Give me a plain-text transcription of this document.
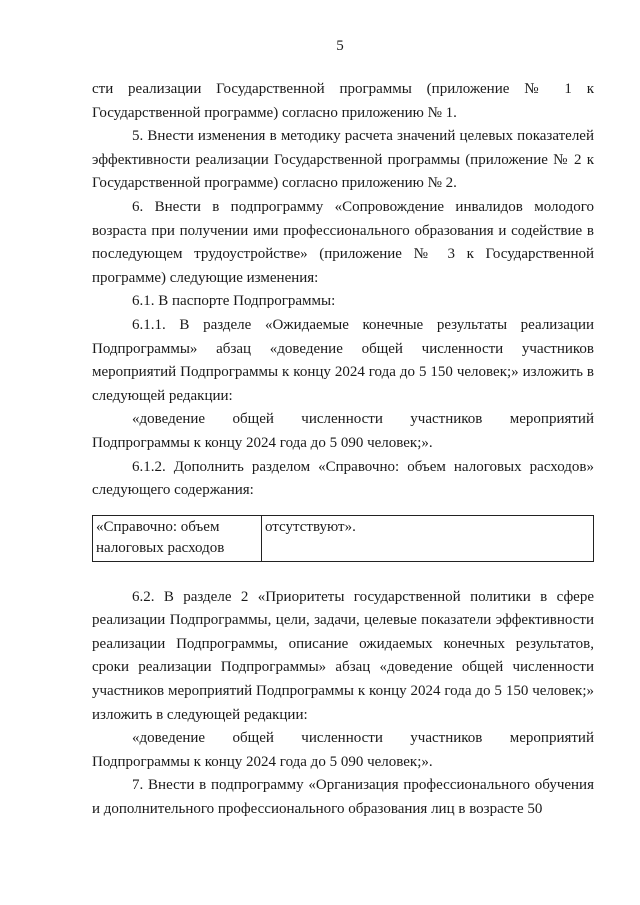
5

сти реализации Государственной программы (приложение № 1 к Государственной программе) согласно приложению № 1.

5. Внести изменения в методику расчета значений целевых показателей эффективности реализации Государственной программы (приложение № 2 к Государственной программе) согласно приложению № 2.

6. Внести в подпрограмму «Сопровождение инвалидов молодого возраста при получении ими профессионального образования и содействие в последующем трудоустройстве» (приложение № 3 к Государственной программе) следующие изменения:

6.1. В паспорте Подпрограммы:

6.1.1. В разделе «Ожидаемые конечные результаты реализации Подпрограммы» абзац «доведение общей численности участников мероприятий Подпрограммы к концу 2024 года до 5 150 человек;» изложить в следующей редакции:

«доведение общей численности участников мероприятий Подпрограммы к концу 2024 года до 5 090 человек;».

6.1.2. Дополнить разделом «Справочно: объем налоговых расходов» следующего содержания:

«Справочно: объем налоговых расходов	отсутствуют».

6.2. В разделе 2 «Приоритеты государственной политики в сфере реализации Подпрограммы, цели, задачи, целевые показатели эффективности реализации Подпрограммы, описание ожидаемых конечных результатов, сроки реализации Подпрограммы» абзац «доведение общей численности участников мероприятий Подпрограммы к концу 2024 года до 5 150 человек;» изложить в следующей редакции:

«доведение общей численности участников мероприятий Подпрограммы к концу 2024 года до 5 090 человек;».

7. Внести в подпрограмму «Организация профессионального обучения и дополнительного профессионального образования лиц в возрасте 50
